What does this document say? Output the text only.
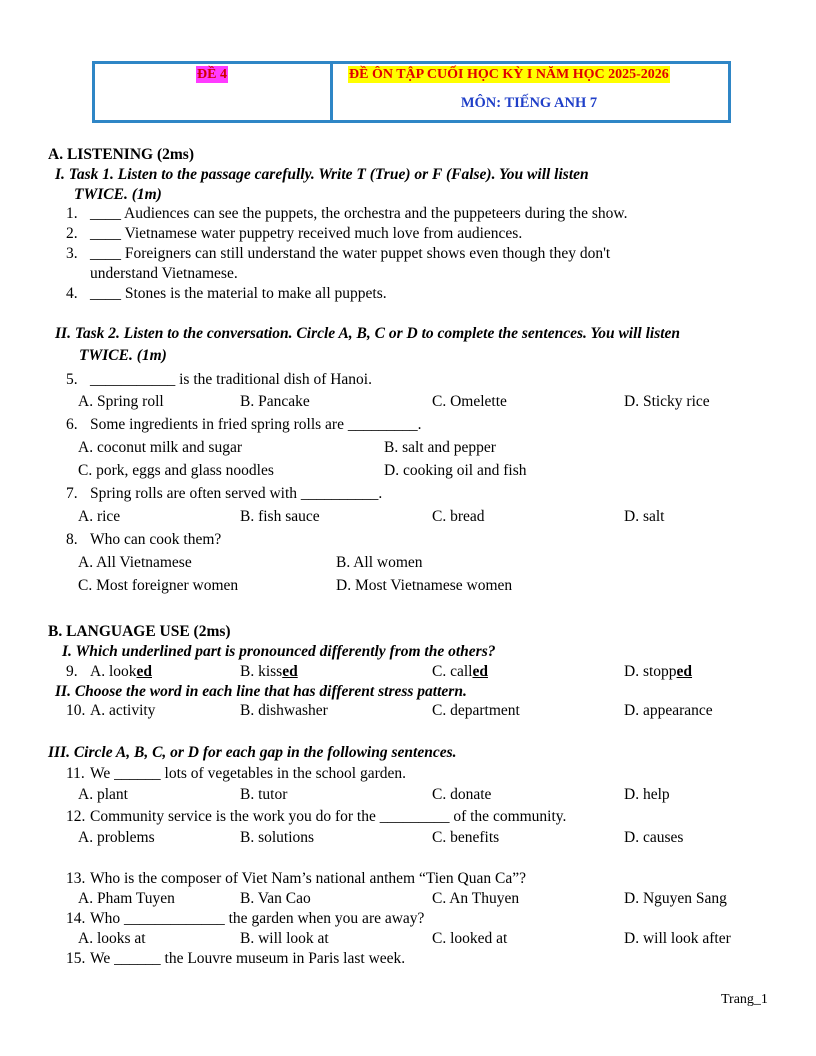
ĐỀ 4	ĐỀ ÔN TẬP CUỐI HỌC KỲ I NĂM HỌC 2025-2026
MÔN: TIẾNG ANH 7
A. LISTENING (2ms)
I. Task 1. Listen to the passage carefully. Write T (True) or F (False). You will listen
TWICE. (1m)
1. ____ Audiences can see the puppets, the orchestra and the puppeteers during the show.
2. ____ Vietnamese water puppetry received much love from audiences.
3. ____ Foreigners can still understand the water puppet shows even though they don't
understand Vietnamese.
4. ____ Stones is the material to make all puppets.
II. Task 2. Listen to the conversation. Circle A, B, C or D to complete the sentences. You will listen
TWICE. (1m)
5. ___________ is the traditional dish of Hanoi.
A. Spring roll	B. Pancake	C. Omelette	D. Sticky rice
6. Some ingredients in fried spring rolls are _________.
A. coconut milk and sugar	B. salt and pepper
C. pork, eggs and glass noodles	D. cooking oil and fish
7. Spring rolls are often served with __________.
A. rice	B. fish sauce	C. bread	D. salt
8. Who can cook them?
A. All Vietnamese	B. All women
C. Most foreigner women	D. Most Vietnamese women
B. LANGUAGE USE (2ms)
I. Which underlined part is pronounced differently from the others?
9. A. looked	B. kissed	C. called	D. stopped
II. Choose the word in each line that has different stress pattern.
10. A. activity	B. dishwasher	C. department	D. appearance
III. Circle A, B, C, or D for each gap in the following sentences.
11. We ______ lots of vegetables in the school garden.
A. plant	B. tutor	C. donate	D. help
12. Community service is the work you do for the _________ of the community.
A. problems	B. solutions	C. benefits	D. causes
13. Who is the composer of Viet Nam’s national anthem “Tien Quan Ca”?
A. Pham Tuyen	B. Van Cao	C. An Thuyen	D. Nguyen Sang
14. Who _____________ the garden when you are away?
A. looks at	B. will look at	C. looked at	D. will look after
15. We ______ the Louvre museum in Paris last week.
Trang_1
